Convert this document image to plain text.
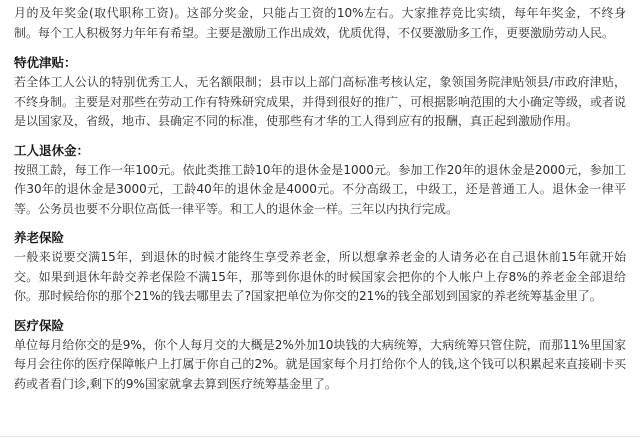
月的及年奖金(取代职称工资)。这部分奖金，只能占工资的10%左右。大家推荐竞比实绩，每年年奖金，不终身制。每个工人积极努力年年有希望。主要是激励工作出成效，优质优得，不仅要激励多工作，更要激励劳动人民。

特优津贴：

若全体工人公认的特别优秀工人，无名额限制；县市以上部门高标准考核认定，象领国务院津贴领县/市政府津贴，不终身制。主要是对那些在劳动工作有特殊研究成果，并得到很好的推广，可根据影响范围的大小确定等级，或者说是以国家及，省级，地市、县确定不同的标准，使那些有才华的工人得到应有的报酬，真正起到激励作用。

工人退休金：

按照工龄，每工作一年100元。依此类推工龄10年的退休金是1000元。参加工作20年的退休金是2000元，参加工作30年的退休金是3000元，工龄40年的退休金是4000元。不分高级工，中级工，还是普通工人。退休金一律平等。公务员也要不分职位高低一律平等。和工人的退休金一样。三年以内执行完成。

养老保险

一般来说要交满15年，到退休的时候才能终生享受养老金，所以想拿养老金的人请务必在自己退休前15年就开始交。如果到退休年龄交养老保险不满15年，那等到你退休的时候国家会把你的个人帐户上存8%的养老金全部退给你。那时候给你的那个21%的钱去哪里去了?国家把单位为你交的21%的钱全部划到国家的养老统筹基金里了。

医疗保险

单位每月给你交的是9%，你个人每月交的大概是2%外加10块钱的大病统筹，大病统筹只管住院，而那11%里国家每月会往你的医疗保障帐户上打属于你自己的2%。就是国家每个月打给你个人的钱,这个钱可以积累起来直接刷卡买药或者看门诊,剩下的9%国家就拿去算到医疗统筹基金里了。
